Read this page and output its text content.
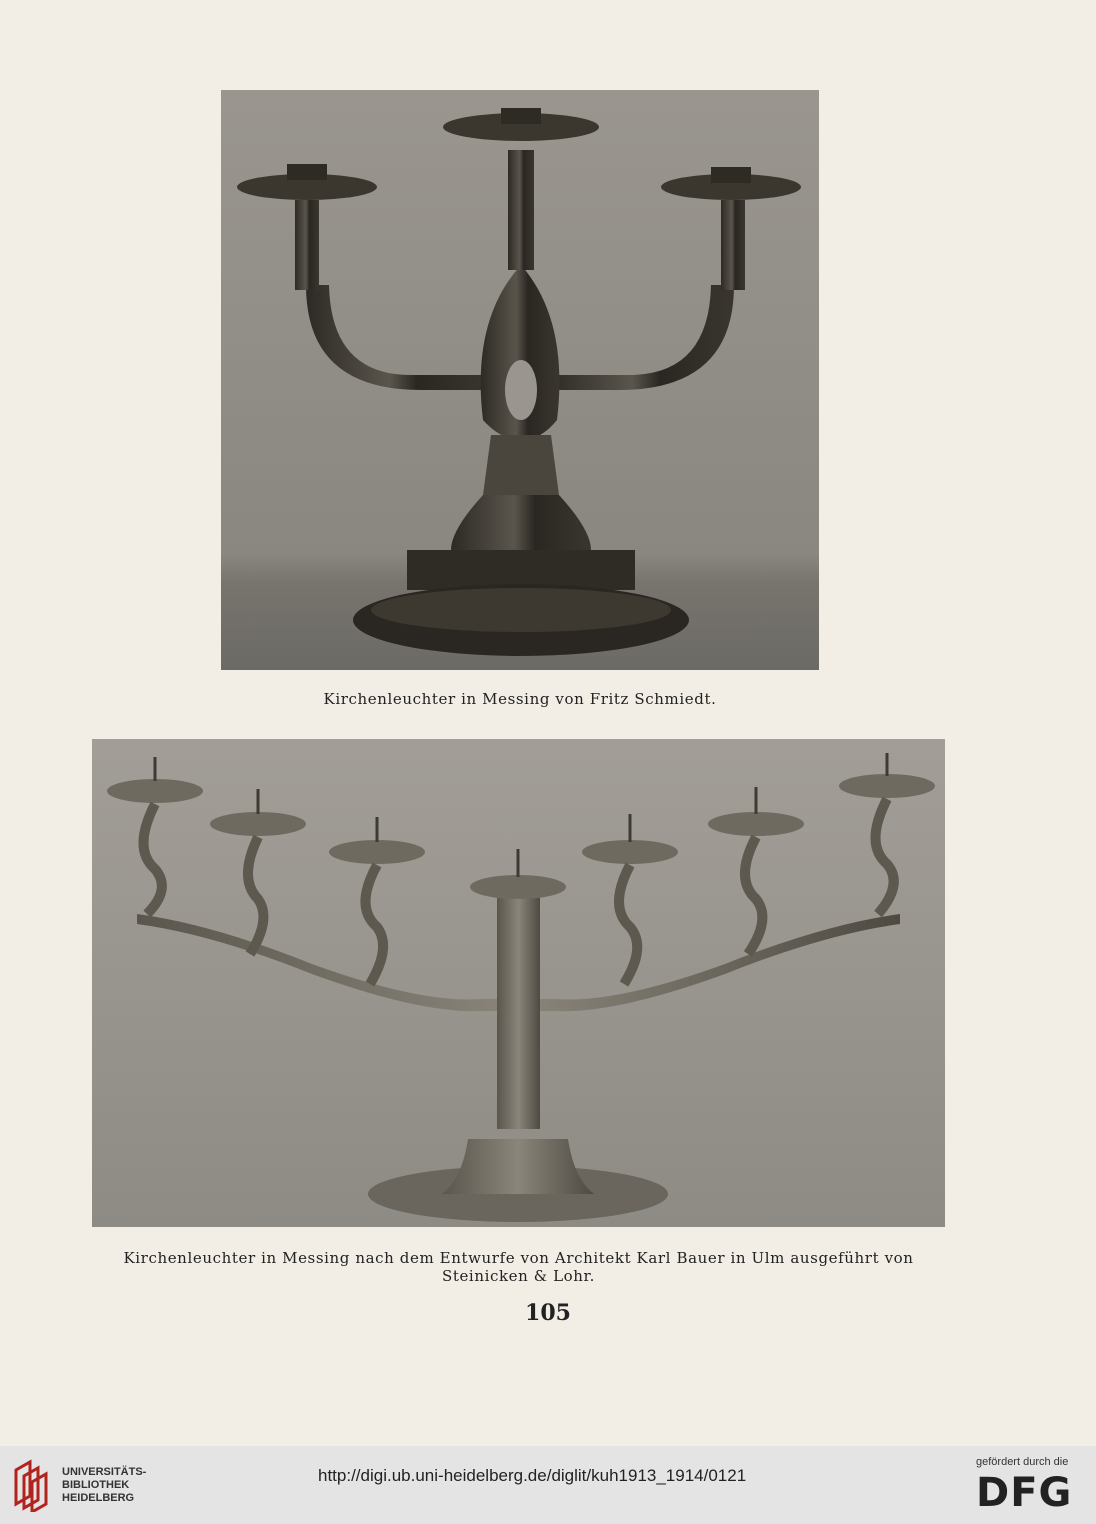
Kirchenleuchter in Messing von Fritz Schmiedt.
Kirchenleuchter in Messing nach dem Entwurfe von Architekt Karl Bauer in Ulm ausgeführt von Steinicken & Lohr.
105
UNIVERSITÄTS-
BIBLIOTHEK
HEIDELBERG
http://digi.ub.uni-heidelberg.de/diglit/kuh1913_1914/0121
gefördert durch die
DFG
